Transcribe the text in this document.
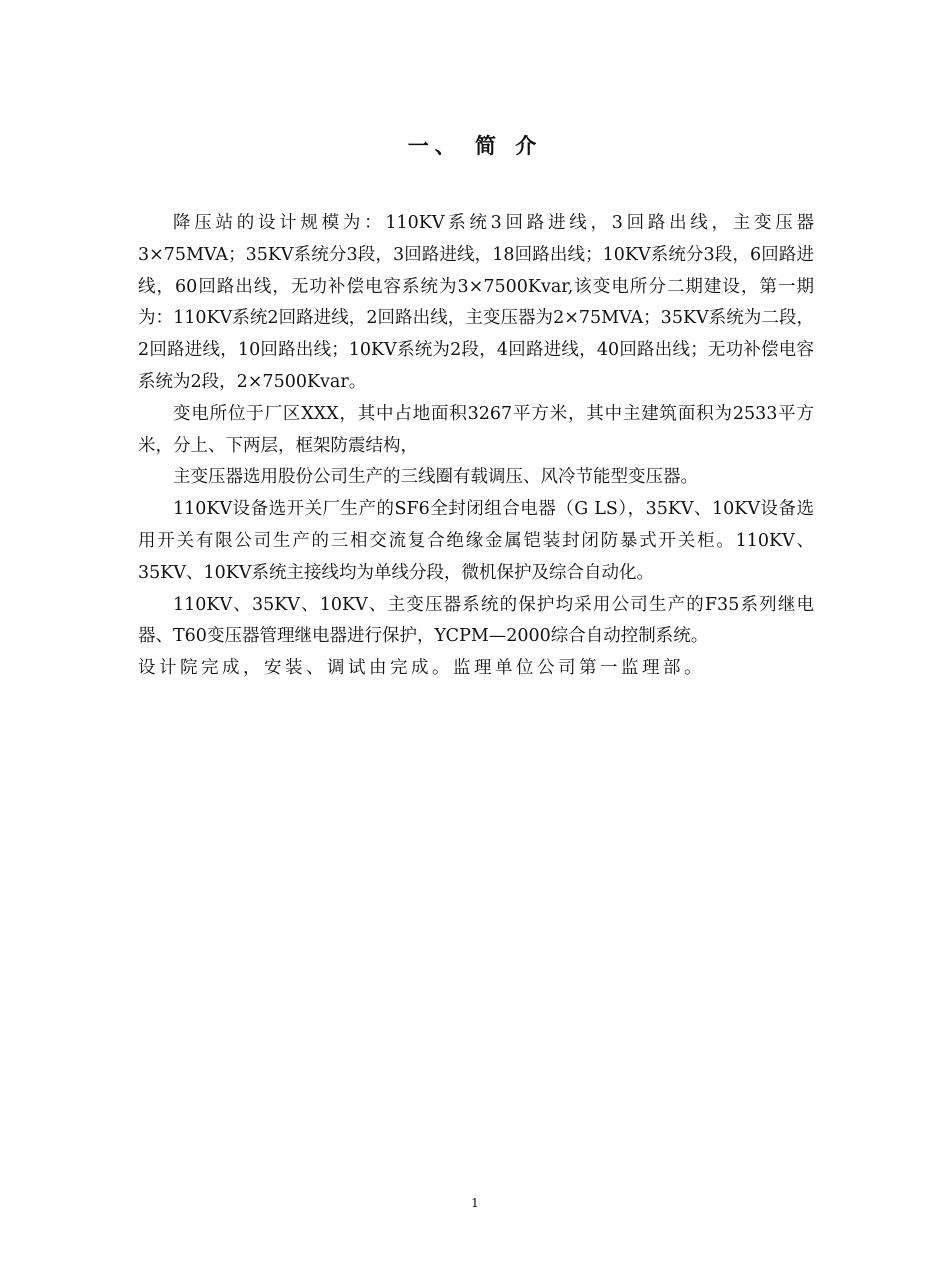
一、 简 介

降压站的设计规模为：110KV系统3回路进线，3回路出线，主变压器3×75MVA；35KV系统分3段，3回路进线，18回路出线；10KV系统分3段，6回路进线，60回路出线，无功补偿电容系统为3×7500Kvar,该变电所分二期建设，第一期为：110KV系统2回路进线，2回路出线，主变压器为2×75MVA；35KV系统为二段，2回路进线，10回路出线；10KV系统为2段，4回路进线，40回路出线；无功补偿电容系统为2段，2×7500Kvar。

变电所位于厂区XXX，其中占地面积3267平方米，其中主建筑面积为2533平方米，分上、下两层，框架防震结构，

主变压器选用股份公司生产的三线圈有载调压、风冷节能型变压器。

110KV设备选开关厂生产的SF6全封闭组合电器（G LS），35KV、10KV设备选用开关有限公司生产的三相交流复合绝缘金属铠装封闭防暴式开关柜。110KV、35KV、10KV系统主接线均为单线分段，微机保护及综合自动化。

110KV、35KV、10KV、主变压器系统的保护均采用公司生产的F35系列继电器、T60变压器管理继电器进行保护，YCPM—2000综合自动控制系统。

设计院完成，安装、调试由完成。监理单位公司第一监理部。

1
